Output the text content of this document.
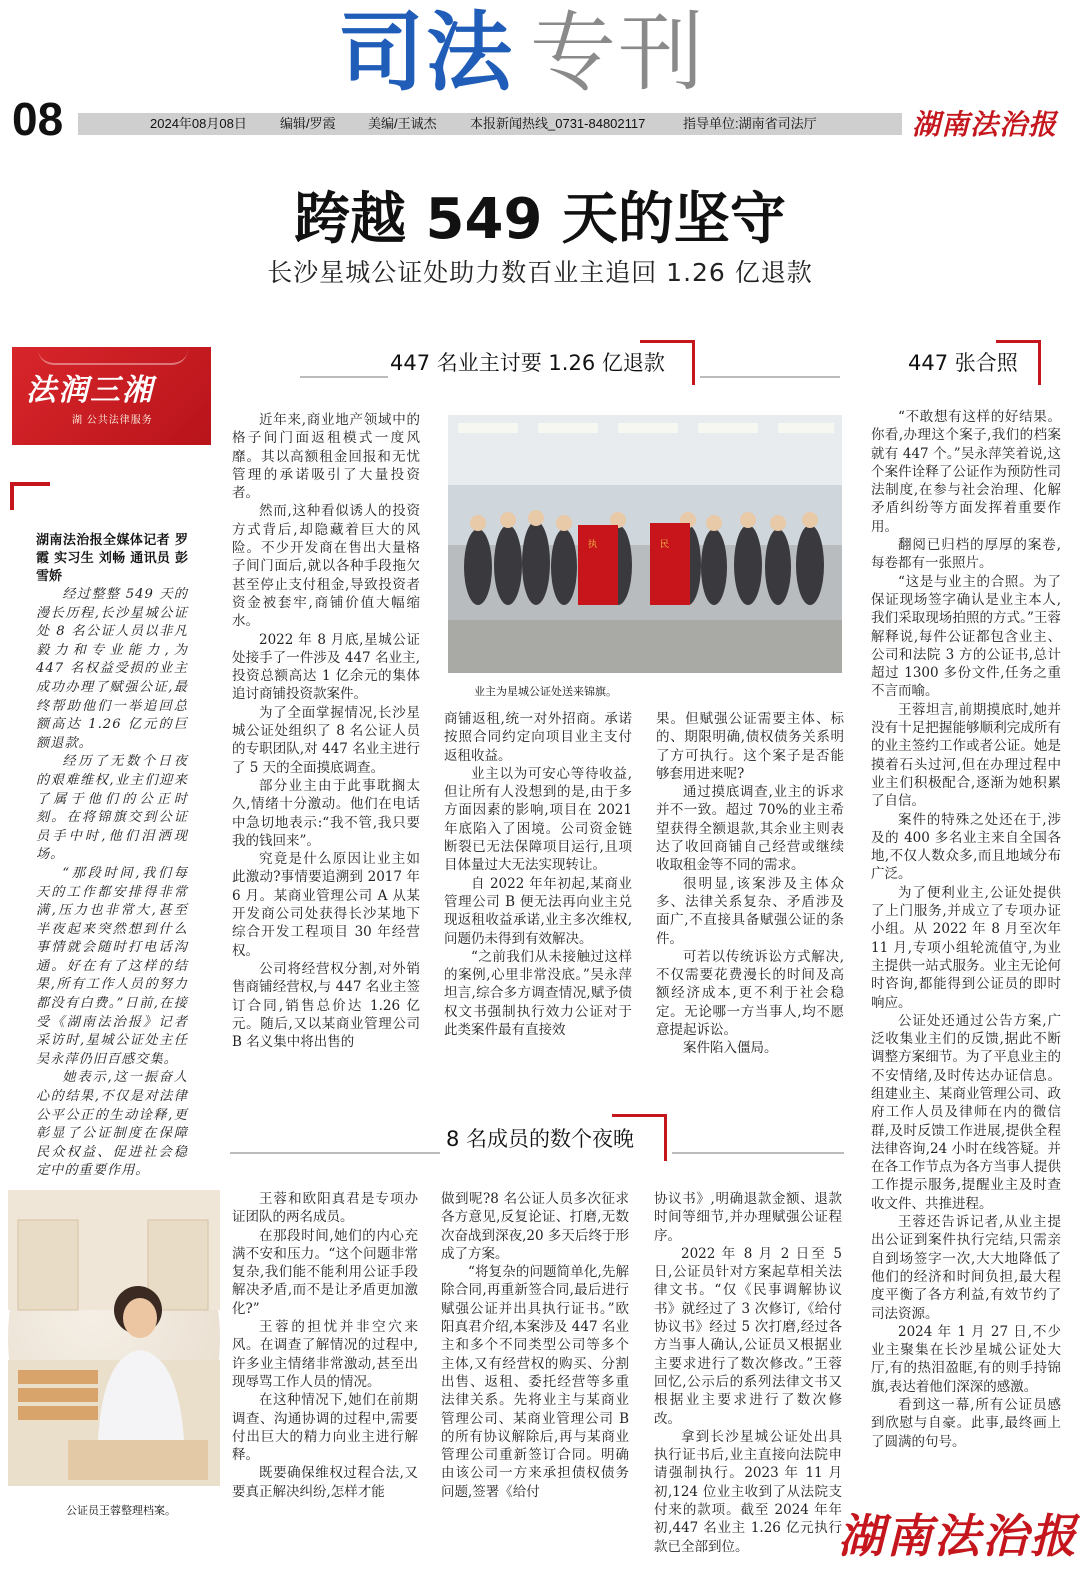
司法 专刊
08	2024年08月08日	编辑/罗霞 美编/王诚杰	本报新闻热线_0731-84802117	指导单位:湖南省司法厅	湖南法治报
跨越 549 天的坚守
长沙星城公证处助力数百业主追回 1.26 亿退款
法润三湘
湖 公共法律服务
447 名业主讨要 1.26 亿退款	447 张合照

湖南法治报全媒体记者 罗霞 实习生 刘畅 通讯员 彭雪娇

经过整整 549 天的漫长历程,长沙星城公证处 8 名公证人员以非凡毅力和专业能力,为 447 名权益受损的业主成功办理了赋强公证,最终帮助他们一举追回总额高达 1.26 亿元的巨额退款。

经历了无数个日夜的艰难维权,业主们迎来了属于他们的公正时刻。在将锦旗交到公证员手中时,他们泪洒现场。

“那段时间,我们每天的工作都安排得非常满,压力也非常大,甚至半夜起来突然想到什么事情就会随时打电话沟通。好在有了这样的结果,所有工作人员的努力都没有白费。”日前,在接受《湖南法治报》记者采访时,星城公证处主任吴永萍仍旧百感交集。

她表示,这一振奋人心的结果,不仅是对法律公平公正的生动诠释,更彰显了公证制度在保障民众权益、促进社会稳定中的重要作用。

近年来,商业地产领域中的格子间门面返租模式一度风靡。其以高额租金回报和无忧管理的承诺吸引了大量投资者。

然而,这种看似诱人的投资方式背后,却隐藏着巨大的风险。不少开发商在售出大量格子间门面后,就以各种手段拖欠甚至停止支付租金,导致投资者资金被套牢,商铺价值大幅缩水。

2022 年 8 月底,星城公证处接手了一件涉及 447 名业主,投资总额高达 1 亿余元的集体追讨商铺投资款案件。

为了全面掌握情况,长沙星城公证处组织了 8 名公证人员的专职团队,对 447 名业主进行了 5 天的全面摸底调查。

部分业主由于此事耽搁太久,情绪十分激动。他们在电话中急切地表示:“我不管,我只要我的钱回来”。

究竟是什么原因让业主如此激动?事情要追溯到 2017 年 6 月。某商业管理公司 A 从某开发商公司处获得长沙某地下综合开发工程项目 30 年经营权。

公司将经营权分割,对外销售商铺经营权,与 447 名业主签订合同,销售总价达 1.26 亿元。随后,又以某商业管理公司 B 名义集中将出售的

执	民
业主为星城公证处送来锦旗。

商铺返租,统一对外招商。承诺按照合同约定向项目业主支付返租收益。

业主以为可安心等待收益,但让所有人没想到的是,由于多方面因素的影响,项目在 2021 年底陷入了困境。公司资金链断裂已无法保障项目运行,且项目体量过大无法实现转让。

自 2022 年年初起,某商业管理公司 B 便无法再向业主兑现返租收益承诺,业主多次维权,问题仍未得到有效解决。

“之前我们从未接触过这样的案例,心里非常没底。”吴永萍坦言,综合多方调查情况,赋予债权文书强制执行效力公证对于此类案件最有直接效

果。但赋强公证需要主体、标的、期限明确,债权债务关系明了方可执行。这个案子是否能够套用进来呢?

通过摸底调查,业主的诉求并不一致。超过 70%的业主希望获得全额退款,其余业主则表达了收回商铺自己经营或继续收取租金等不同的需求。

很明显,该案涉及主体众多、法律关系复杂、矛盾涉及面广,不直接具备赋强公证的条件。

可若以传统诉讼方式解决,不仅需要花费漫长的时间及高额经济成本,更不利于社会稳定。无论哪一方当事人,均不愿意提起诉讼。

案件陷入僵局。

“不敢想有这样的好结果。你看,办理这个案子,我们的档案就有 447 个。”吴永萍笑着说,这个案件诠释了公证作为预防性司法制度,在参与社会治理、化解矛盾纠纷等方面发挥着重要作用。

翻阅已归档的厚厚的案卷,每卷都有一张照片。

“这是与业主的合照。为了保证现场签字确认是业主本人,我们采取现场拍照的方式。”王蓉解释说,每件公证都包含业主、公司和法院 3 方的公证书,总计超过 1300 多份文件,任务之重不言而喻。

王蓉坦言,前期摸底时,她并没有十足把握能够顺利完成所有的业主签约工作或者公证。她是摸着石头过河,但在办理过程中业主们积极配合,逐渐为她积累了自信。

案件的特殊之处还在于,涉及的 400 多名业主来自全国各地,不仅人数众多,而且地域分布广泛。

为了便利业主,公证处提供了上门服务,并成立了专项办证小组。从 2022 年 8 月至次年 11 月,专项小组轮流值守,为业主提供一站式服务。业主无论何时咨询,都能得到公证员的即时响应。

公证处还通过公告方案,广泛收集业主们的反馈,据此不断调整方案细节。为了平息业主的不安情绪,及时传达办证信息。组建业主、某商业管理公司、政府工作人员及律师在内的微信群,及时反馈工作进展,提供全程法律咨询,24 小时在线答疑。并在各工作节点为各方当事人提供工作提示服务,提醒业主及时查收文件、共推进程。

王蓉还告诉记者,从业主提出公证到案件执行完结,只需亲自到场签字一次,大大地降低了他们的经济和时间负担,最大程度平衡了各方利益,有效节约了司法资源。

2024 年 1 月 27 日,不少业主聚集在长沙星城公证处大厅,有的热泪盈眶,有的则手持锦旗,表达着他们深深的感激。

看到这一幕,所有公证员感到欣慰与自豪。此事,最终画上了圆满的句号。

8 名成员的数个夜晚
公证员王蓉整理档案。

王蓉和欧阳真君是专项办证团队的两名成员。

在那段时间,她们的内心充满不安和压力。“这个问题非常复杂,我们能不能利用公证手段解决矛盾,而不是让矛盾更加激化?”

王蓉的担忧并非空穴来风。在调查了解情况的过程中,许多业主情绪非常激动,甚至出现辱骂工作人员的情况。

在这种情况下,她们在前期调查、沟通协调的过程中,需要付出巨大的精力向业主进行解释。

既要确保维权过程合法,又要真正解决纠纷,怎样才能

做到呢?8 名公证人员多次征求各方意见,反复论证、打磨,无数次奋战到深夜,20 多天后终于形成了方案。

“将复杂的问题简单化,先解除合同,再重新签合同,最后进行赋强公证并出具执行证书。”欧阳真君介绍,本案涉及 447 名业主和多个不同类型公司等多个主体,又有经营权的购买、分割出售、返租、委托经营等多重法律关系。先将业主与某商业管理公司、某商业管理公司 B 的所有协议解除后,再与某商业管理公司重新签订合同。明确由该公司一方来承担债权债务问题,签署《给付

协议书》,明确退款金额、退款时间等细节,并办理赋强公证程序。

2022 年 8 月 2 日至 5 日,公证员针对方案起草相关法律文书。“仅《民事调解协议书》就经过了 3 次修订,《给付协议书》经过 5 次打磨,经过各方当事人确认,公证员又根据业主要求进行了数次修改。”王蓉回忆,公示后的系列法律文书又根据业主要求进行了数次修改。

拿到长沙星城公证处出具执行证书后,业主直接向法院申请强制执行。2023 年 11 月初,124 位业主收到了从法院支付来的款项。截至 2024 年年初,447 名业主 1.26 亿元执行款已全部到位。	湖南法治报
